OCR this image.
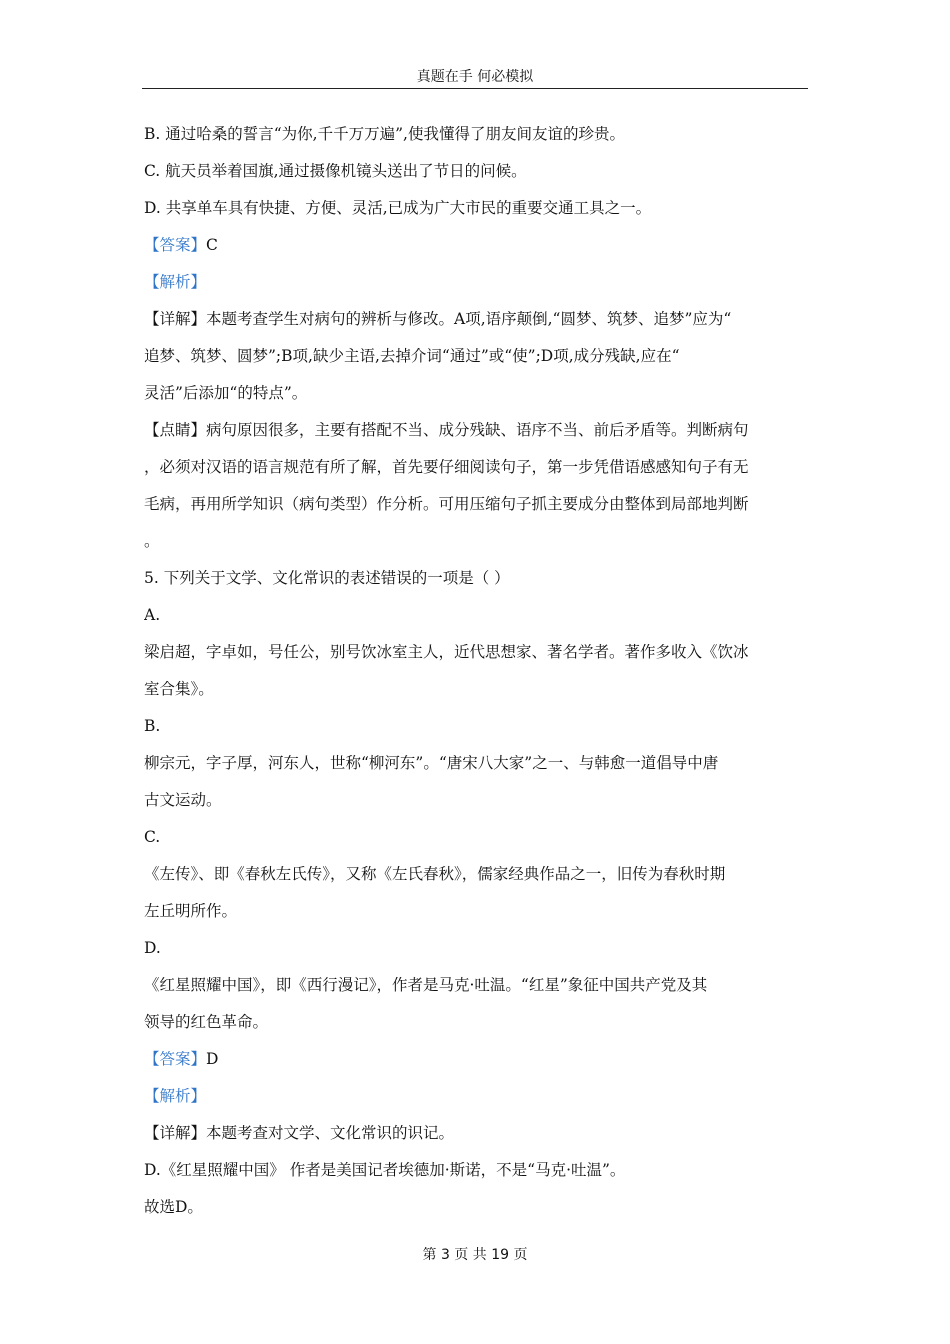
真题在手 何必模拟
B. 通过哈桑的誓言“为你,千千万万遍”,使我懂得了朋友间友谊的珍贵。
C. 航天员举着国旗,通过摄像机镜头送出了节日的问候。
D. 共享单车具有快捷、方便、灵活,已成为广大市民的重要交通工具之一。
【答案】C
【解析】
【详解】本题考查学生对病句的辨析与修改。A项,语序颠倒,“圆梦、筑梦、追梦”应为“
追梦、筑梦、圆梦”;B项,缺少主语,去掉介词“通过”或“使”;D项,成分残缺,应在“
灵活”后添加“的特点”。
【点睛】病句原因很多，主要有搭配不当、成分残缺、语序不当、前后矛盾等。判断病句
，必须对汉语的语言规范有所了解，首先要仔细阅读句子，第一步凭借语感感知句子有无
毛病，再用所学知识（病句类型）作分析。可用压缩句子抓主要成分由整体到局部地判断
。
5. 下列关于文学、文化常识的表述错误的一项是（ ）
A.
梁启超，字卓如，号任公，别号饮冰室主人，近代思想家、著名学者。著作多收入《饮冰
室合集》。
B.
柳宗元，字子厚，河东人，世称“柳河东”。“唐宋八大家”之一、与韩愈一道倡导中唐
古文运动。
C.
《左传》、即《春秋左氏传》，又称《左氏春秋》，儒家经典作品之一，旧传为春秋时期
左丘明所作。
D.
《红星照耀中国》，即《西行漫记》，作者是马克·吐温。“红星”象征中国共产党及其
领导的红色革命。
【答案】D
【解析】
【详解】本题考查对文学、文化常识的识记。
D.《红星照耀中国》 作者是美国记者埃德加·斯诺，不是“马克·吐温”。
故选D。
第 3 页 共 19 页
